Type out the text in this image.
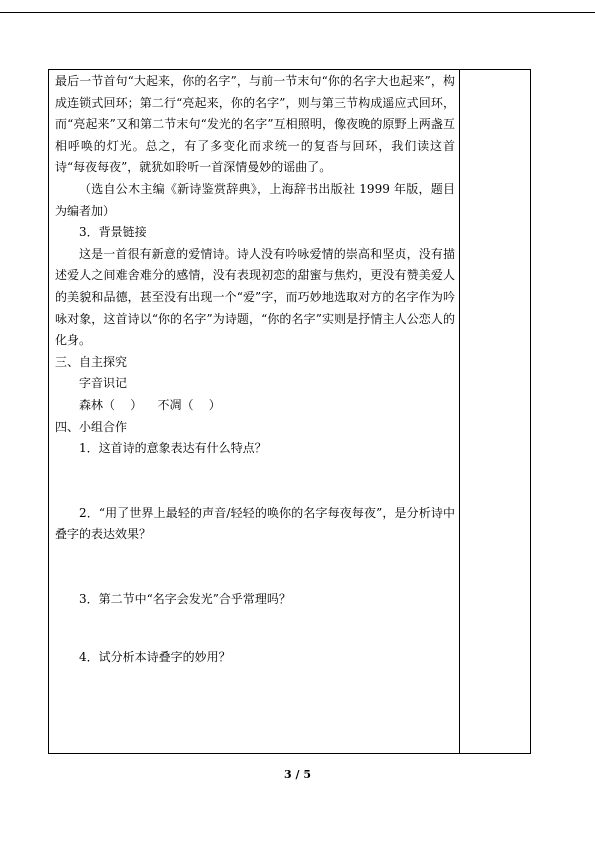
最后一节首句“大起来，你的名字”，与前一节末句“你的名字大也起来”，构成连锁式回环；第二行“亮起来，你的名字”，则与第三节构成遥应式回环，而“亮起来”又和第二节末句“发光的名字”互相照明，像夜晚的原野上两盏互相呼唤的灯光。总之，有了多变化而求统一的复沓与回环，我们读这首诗“每夜每夜”，就犹如聆听一首深情曼妙的谣曲了。

（选自公木主编《新诗鉴赏辞典》，上海辞书出版社 1999 年版，题目为编者加）

3．背景链接

这是一首很有新意的爱情诗。诗人没有吟咏爱情的崇高和坚贞，没有描述爱人之间难舍难分的感情，没有表现初恋的甜蜜与焦灼，更没有赞美爱人的美貌和品德，甚至没有出现一个“爱”字，而巧妙地选取对方的名字作为吟咏对象，这首诗以“你的名字”为诗题，“你的名字”实则是抒情主人公恋人的化身。

三、自主探究

字音识记

森林（    ）    不凋（    ）

四、小组合作

1．这首诗的意象表达有什么特点？

2．“用了世界上最轻的声音/轻轻的唤你的名字每夜每夜”，是分析诗中叠字的表达效果？

3．第二节中“名字会发光”合乎常理吗？

4．试分析本诗叠字的妙用？

3 / 5
